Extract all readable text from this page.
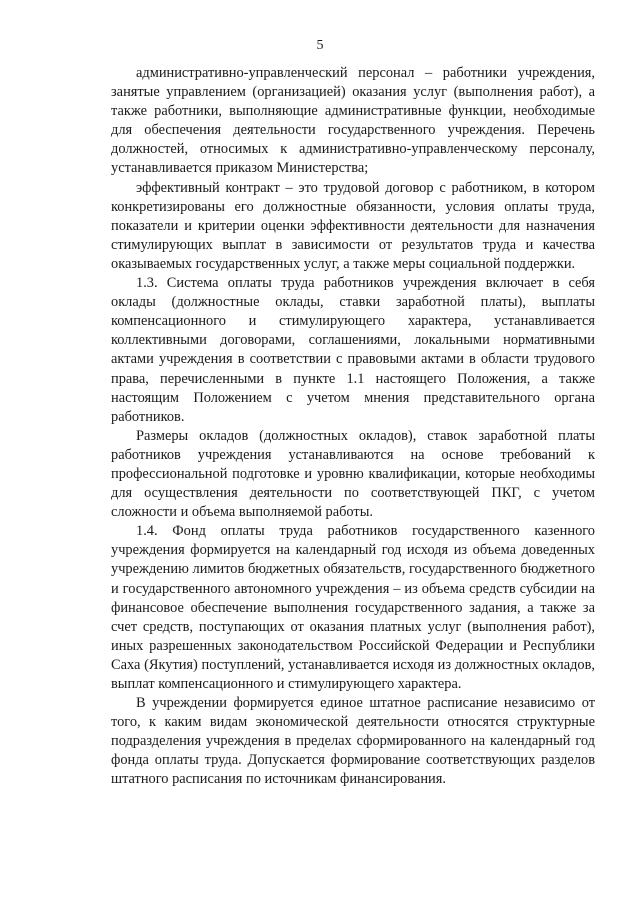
5

административно-управленческий персонал – работники учреждения, занятые управлением (организацией) оказания услуг (выполнения работ), а также работники, выполняющие административные функции, необходимые для обеспечения деятельности государственного учреждения. Перечень должностей, относимых к административно-управленческому персоналу, устанавливается приказом Министерства;

эффективный контракт – это трудовой договор с работником, в котором конкретизированы его должностные обязанности, условия оплаты труда, показатели и критерии оценки эффективности деятельности для назначения стимулирующих выплат в зависимости от результатов труда и качества оказываемых государственных услуг, а также меры социальной поддержки.

1.3. Система оплаты труда работников учреждения включает в себя оклады (должностные оклады, ставки заработной платы), выплаты компенсационного и стимулирующего характера, устанавливается коллективными договорами, соглашениями, локальными нормативными актами учреждения в соответствии с правовыми актами в области трудового права, перечисленными в пункте 1.1 настоящего Положения, а также настоящим Положением с учетом мнения представительного органа работников.

Размеры окладов (должностных окладов), ставок заработной платы работников учреждения устанавливаются на основе требований к профессиональной подготовке и уровню квалификации, которые необходимы для осуществления деятельности по соответствующей ПКГ, с учетом сложности и объема выполняемой работы.

1.4. Фонд оплаты труда работников государственного казенного учреждения формируется на календарный год исходя из объема доведенных учреждению лимитов бюджетных обязательств, государственного бюджетного и государственного автономного учреждения – из объема средств субсидии на финансовое обеспечение выполнения государственного задания, а также за счет средств, поступающих от оказания платных услуг (выполнения работ), иных разрешенных законодательством Российской Федерации и Республики Саха (Якутия) поступлений, устанавливается исходя из должностных окладов, выплат компенсационного и стимулирующего характера.

В учреждении формируется единое штатное расписание независимо от того, к каким видам экономической деятельности относятся структурные подразделения учреждения в пределах сформированного на календарный год фонда оплаты труда. Допускается формирование соответствующих разделов штатного расписания по источникам финансирования.
